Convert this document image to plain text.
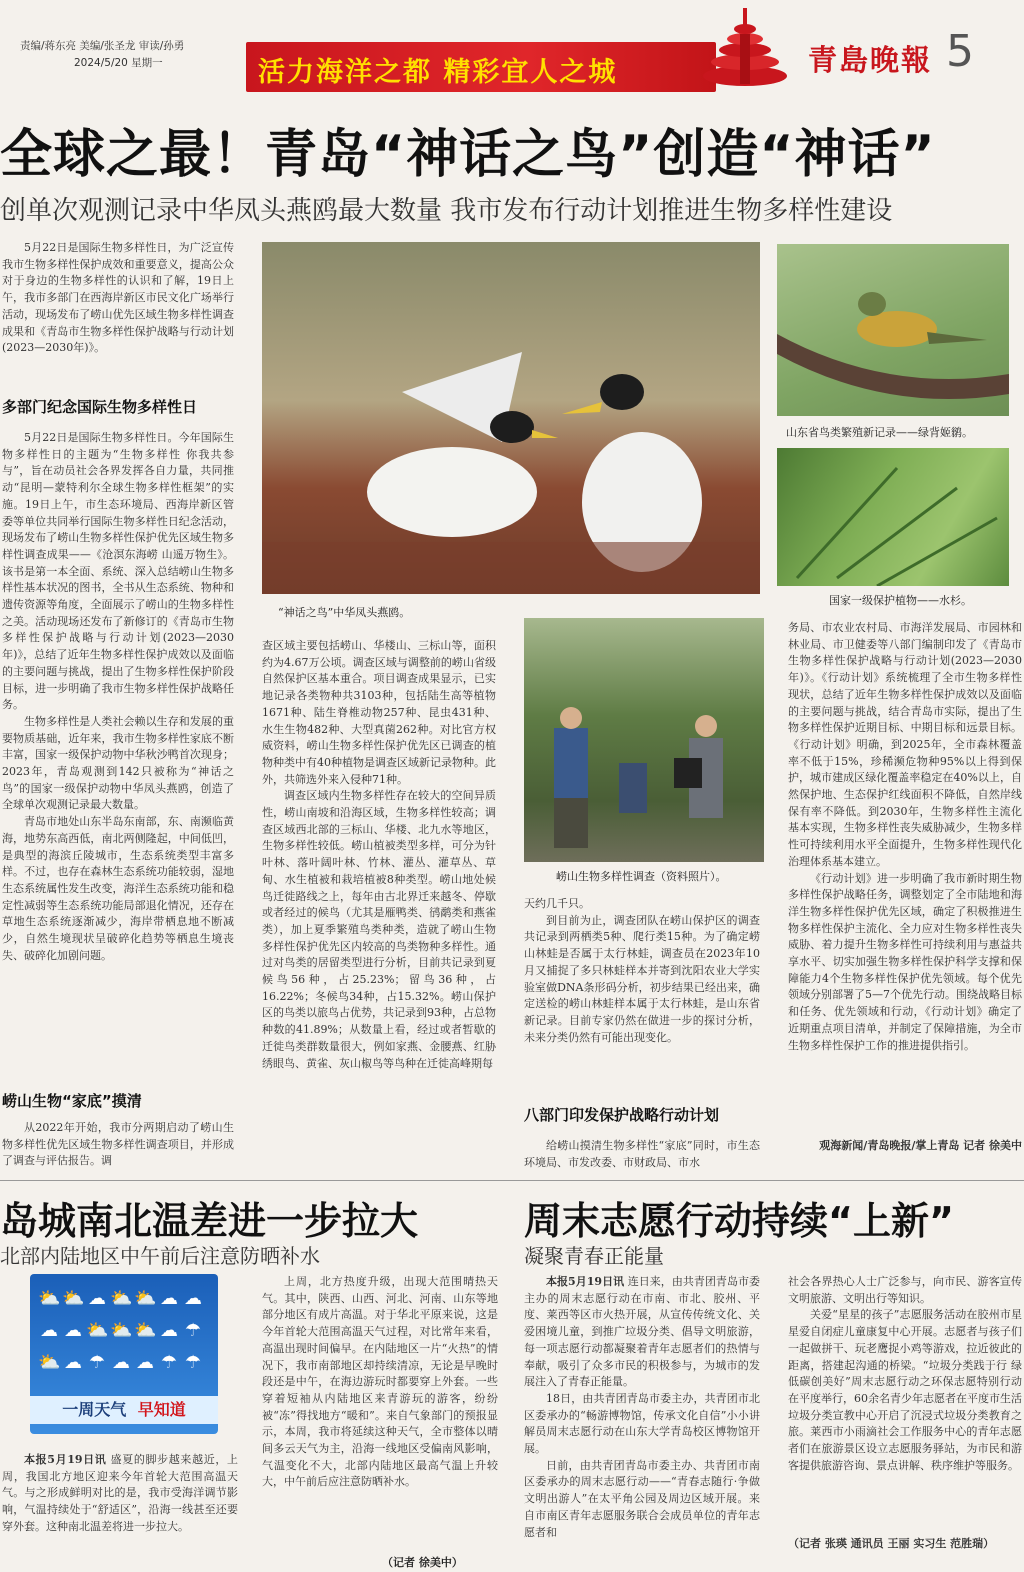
责编/蒋东亮 美编/张圣龙 审读/孙勇
2024/5/20 星期一	活力海洋之都 精彩宜人之城	青島晚報 5
全球之最！青岛“神话之鸟”创造“神话”
创单次观测记录中华凤头燕鸥最大数量 我市发布行动计划推进生物多样性建设

5月22日是国际生物多样性日，为广泛宣传我市生物多样性保护成效和重要意义，提高公众对于身边的生物多样性的认识和了解，19日上午，我市多部门在西海岸新区市民文化广场举行活动，现场发布了崂山优先区域生物多样性调查成果和《青岛市生物多样性保护战略与行动计划(2023—2030年)》。

多部门纪念国际生物多样性日

5月22日是国际生物多样性日。今年国际生物多样性日的主题为“生物多样性 你我共参与”，旨在动员社会各界发挥各自力量，共同推动“昆明—蒙特利尔全球生物多样性框架”的实施。19日上午，市生态环境局、西海岸新区管委等单位共同举行国际生物多样性日纪念活动，现场发布了崂山生物多样性保护优先区域生物多样性调查成果——《沧溟东海崂 山遥万物生》。该书是第一本全面、系统、深入总结崂山生物多样性基本状况的图书，全书从生态系统、物种和遗传资源等角度，全面展示了崂山的生物多样性之美。活动现场还发布了新修订的《青岛市生物多样性保护战略与行动计划(2023—2030年)》，总结了近年生物多样性保护成效以及面临的主要问题与挑战，提出了生物多样性保护阶段目标，进一步明确了我市生物多样性保护战略任务。

生物多样性是人类社会赖以生存和发展的重要物质基础，近年来，我市生物多样性家底不断丰富，国家一级保护动物中华秋沙鸭首次现身；2023年，青岛观测到142只被称为“神话之鸟”的国家一级保护动物中华凤头燕鸥，创造了全球单次观测记录最大数量。

青岛市地处山东半岛东南部，东、南濒临黄海，地势东高西低，南北两侧隆起，中间低凹，是典型的海滨丘陵城市，生态系统类型丰富多样。不过，也存在森林生态系统功能较弱，湿地生态系统属性发生改变，海洋生态系统功能和稳定性减弱等生态系统功能局部退化情况，还存在草地生态系统逐渐减少，海岸带栖息地不断减少，自然生境现状呈破碎化趋势等栖息生境丧失、破碎化加剧问题。

崂山生物“家底”摸清

从2022年开始，我市分两期启动了崂山生物多样性优先区域生物多样性调查项目，并形成了调查与评估报告。调

“神话之鸟”中华凤头燕鸥。
山东省鸟类繁殖新记录——绿背姬鹟。
国家一级保护植物——水杉。

查区域主要包括崂山、华楼山、三标山等，面积约为4.67万公顷。调查区域与调整前的崂山省级自然保护区基本重合。项目调查成果显示，已实地记录各类物种共3103种，包括陆生高等植物1671种、陆生脊椎动物257种、昆虫431种、水生生物482种、大型真菌262种。对比官方权威资料，崂山生物多样性保护优先区已调查的植物种类中有40种植物是调查区域新记录物种。此外，共筛选外来入侵种71种。

调查区域内生物多样性存在较大的空间异质性，崂山南坡和沿海区域，生物多样性较高；调查区域西北部的三标山、华楼、北九水等地区，生物多样性较低。崂山植被类型多样，可分为针叶林、落叶阔叶林、竹林、灌丛、灌草丛、草甸、水生植被和栽培植被8种类型。崂山地处候鸟迁徙路线之上，每年由古北界迁来越冬、停歇或者经过的候鸟（尤其是雁鸭类、鸻鹬类和燕雀类），加上夏季繁殖鸟类种类，造就了崂山生物多样性保护优先区内较高的鸟类物种多样性。通过对鸟类的居留类型进行分析，目前共记录到夏候鸟56种，占25.23%；留鸟36种，占16.22%；冬候鸟34种，占15.32%。崂山保护区的鸟类以旅鸟占优势，共记录到93种，占总物种数的41.89%；从数量上看，经过或者暂歇的迁徙鸟类群数量很大，例如家燕、金腰燕、红胁绣眼鸟、黄雀、灰山椒鸟等鸟种在迁徙高峰期每

崂山生物多样性调查（资料照片）。

天约几千只。

到目前为止，调查团队在崂山保护区的调查共记录到两栖类5种、爬行类15种。为了确定崂山林蛙是否属于太行林蛙，调查员在2023年10月又捕捉了多只林蛙样本并寄到沈阳农业大学实验室做DNA条形码分析，初步结果已经出来，确定送检的崂山林蛙样本属于太行林蛙，是山东省新记录。目前专家仍然在做进一步的探讨分析，未来分类仍然有可能出现变化。

八部门印发保护战略行动计划

给崂山摸清生物多样性“家底”同时，市生态环境局、市发改委、市财政局、市水

务局、市农业农村局、市海洋发展局、市园林和林业局、市卫健委等八部门编制印发了《青岛市生物多样性保护战略与行动计划(2023—2030年)》。《行动计划》系统梳理了全市生物多样性现状，总结了近年生物多样性保护成效以及面临的主要问题与挑战，结合青岛市实际，提出了生物多样性保护近期目标、中期目标和远景目标。《行动计划》明确，到2025年，全市森林覆盖率不低于15%，珍稀濒危物种95%以上得到保护，城市建成区绿化覆盖率稳定在40%以上，自然保护地、生态保护红线面积不降低，自然岸线保有率不降低。到2030年，生物多样性主流化基本实现，生物多样性丧失威胁减少，生物多样性可持续利用水平全面提升，生物多样性现代化治理体系基本建立。

《行动计划》进一步明确了我市新时期生物多样性保护战略任务，调整划定了全市陆地和海洋生物多样性保护优先区域，确定了积极推进生物多样性保护主流化、全力应对生物多样性丧失威胁、着力提升生物多样性可持续利用与惠益共享水平、切实加强生物多样性保护科学支撑和保障能力4个生物多样性保护优先领域。每个优先领域分别部署了5—7个优先行动。围绕战略目标和任务、优先领域和行动，《行动计划》确定了近期重点项目清单，并制定了保障措施，为全市生物多样性保护工作的推进提供指引。

观海新闻/青岛晚报/掌上青岛 记者 徐美中

岛城南北温差进一步拉大
北部内陆地区中午前后注意防晒补水
⛅ ⛅ ☁ ⛅ ⛅ ☁ ☁
☁ ☁ ⛅ ⛅ ⛅ ☁ ☂
⛅ ☁ ☂ ☁ ☁ ☂ ☂
一周天气 早知道

本报5月19日讯 盛夏的脚步越来越近，上周，我国北方地区迎来今年首轮大范围高温天气。与之形成鲜明对比的是，我市受海洋调节影响，气温持续处于“舒适区”，沿海一线甚至还要穿外套。这种南北温差将进一步拉大。

上周，北方热度升级，出现大范围晴热天气。其中，陕西、山西、河北、河南、山东等地部分地区有成片高温。对于华北平原来说，这是今年首轮大范围高温天气过程，对比常年来看，高温出现时间偏早。在内陆地区一片“火热”的情况下，我市南部地区却持续清凉，无论是早晚时段还是中午，在海边游玩时都要穿上外套。一些穿着短袖从内陆地区来青游玩的游客，纷纷被“冻”得找地方“暖和”。来自气象部门的预报显示，本周，我市将延续这种天气，全市整体以晴间多云天气为主，沿海一线地区受偏南风影响，气温变化不大，北部内陆地区最高气温上升较大，中午前后应注意防晒补水。

（记者 徐美中）
周末志愿行动持续“上新”
凝聚青春正能量

本报5月19日讯 连日来，由共青团青岛市委主办的周末志愿行动在市南、市北、胶州、平度、莱西等区市火热开展，从宣传传统文化、关爱困境儿童，到推广垃圾分类、倡导文明旅游，每一项志愿行动都凝聚着青年志愿者们的热情与奉献，吸引了众多市民的积极参与，为城市的发展注入了青春正能量。

18日，由共青团青岛市委主办，共青团市北区委承办的“畅游博物馆，传承文化自信”小小讲解员周末志愿行动在山东大学青岛校区博物馆开展。

日前，由共青团青岛市委主办、共青团市南区委承办的周末志愿行动——“青春志随行·争做文明出游人”在太平角公园及周边区域开展。来自市南区青年志愿服务联合会成员单位的青年志愿者和

社会各界热心人士广泛参与，向市民、游客宣传文明旅游、文明出行等知识。

关爱“星星的孩子”志愿服务活动在胶州市星星爱自闭症儿童康复中心开展。志愿者与孩子们一起做拼干、玩老鹰捉小鸡等游戏，拉近彼此的距离，搭建起沟通的桥梁。“垃圾分类践于行 绿低碳创美好”周末志愿行动之环保志愿特别行动在平度举行，60余名青少年志愿者在平度市生活垃圾分类宣教中心开启了沉浸式垃圾分类教育之旅。莱西市小雨滴社会工作服务中心的青年志愿者们在旅游景区设立志愿服务驿站，为市民和游客提供旅游咨询、景点讲解、秩序维护等服务。

（记者 张瑛 通讯员 王丽 实习生 范胜瑞）
